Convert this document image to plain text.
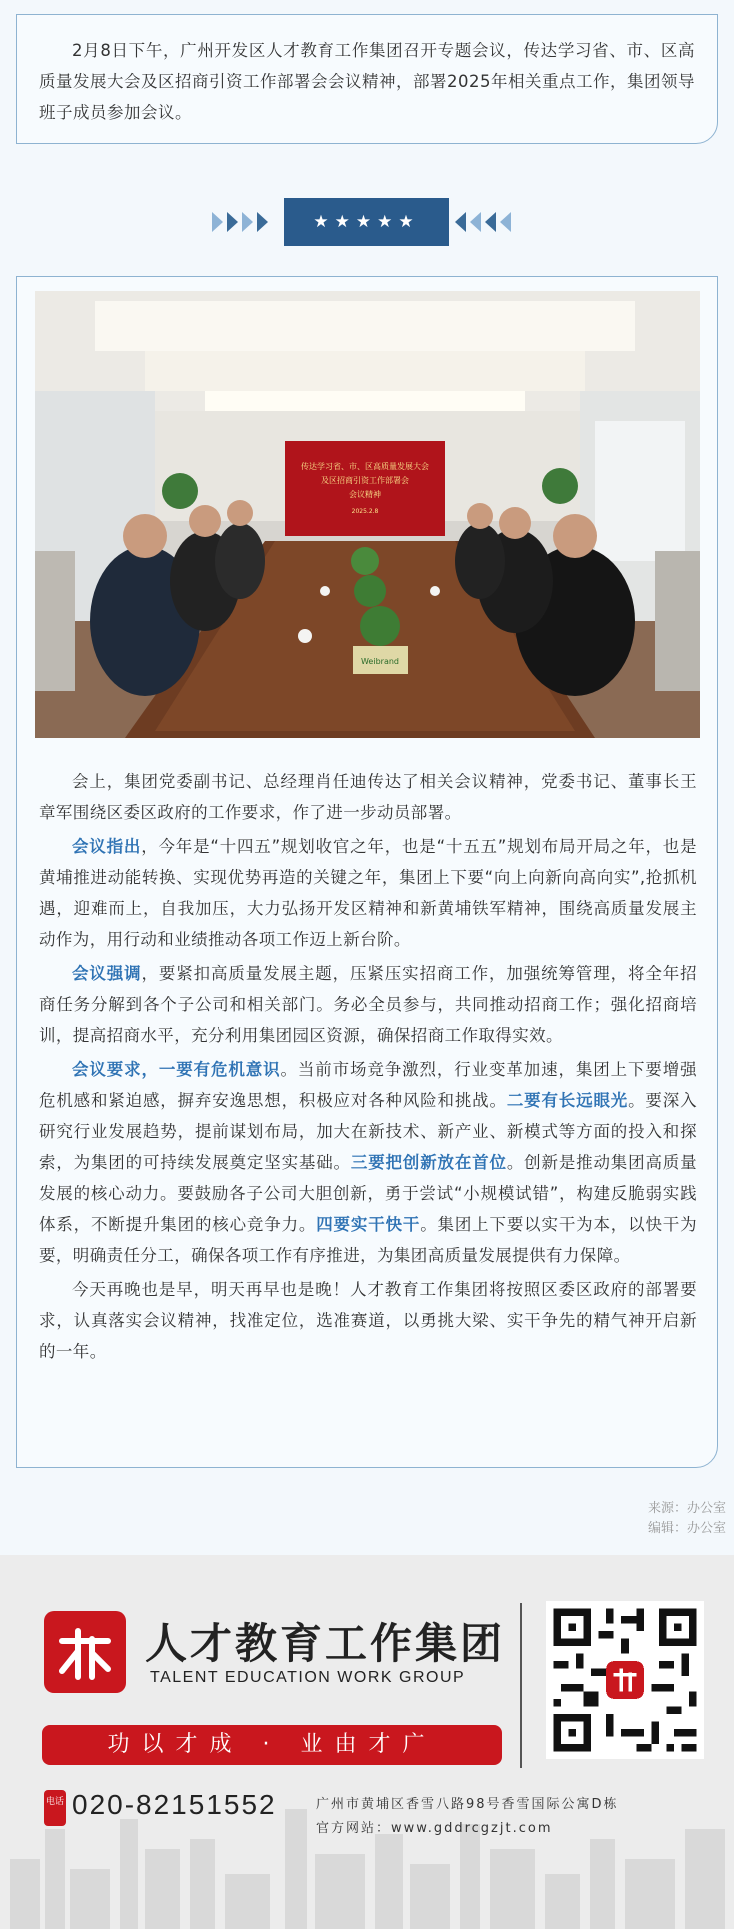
2月8日下午，广州开发区人才教育工作集团召开专题会议，传达学习省、市、区高质量发展大会及区招商引资工作部署会会议精神，部署2025年相关重点工作，集团领导班子成员参加会议。

★★★★★
传达学习省、市、区高质量发展大会
及区招商引资工作部署会
会议精神
2025.2.8
Weibrand

会上，集团党委副书记、总经理肖任迪传达了相关会议精神，党委书记、董事长王章军围绕区委区政府的工作要求，作了进一步动员部署。

会议指出，今年是“十四五”规划收官之年，也是“十五五”规划布局开局之年，也是黄埔推进动能转换、实现优势再造的关键之年，集团上下要“向上向新向高向实”,抢抓机遇，迎难而上，自我加压，大力弘扬开发区精神和新黄埔铁军精神，围绕高质量发展主动作为，用行动和业绩推动各项工作迈上新台阶。

会议强调，要紧扣高质量发展主题，压紧压实招商工作，加强统筹管理，将全年招商任务分解到各个子公司和相关部门。务必全员参与，共同推动招商工作；强化招商培训，提高招商水平，充分利用集团园区资源，确保招商工作取得实效。

会议要求，一要有危机意识。当前市场竞争激烈，行业变革加速，集团上下要增强危机感和紧迫感，摒弃安逸思想，积极应对各种风险和挑战。二要有长远眼光。要深入研究行业发展趋势，提前谋划布局，加大在新技术、新产业、新模式等方面的投入和探索，为集团的可持续发展奠定坚实基础。三要把创新放在首位。创新是推动集团高质量发展的核心动力。要鼓励各子公司大胆创新，勇于尝试“小规模试错”，构建反脆弱实践体系，不断提升集团的核心竞争力。四要实干快干。集团上下要以实干为本，以快干为要，明确责任分工，确保各项工作有序推进，为集团高质量发展提供有力保障。

今天再晚也是早，明天再早也是晚！人才教育工作集团将按照区委区政府的部署要求，认真落实会议精神，找准定位，选准赛道，以勇挑大梁、实干争先的精气神开启新的一年。

来源：办公室
编辑：办公室
人才教育工作集团
TALENT EDUCATION WORK GROUP
功以才成 · 业由才广
电话 020-82151552	广州市黄埔区香雪八路98号香雪国际公寓D栋
官方网站：www.gddrcgzjt.com
